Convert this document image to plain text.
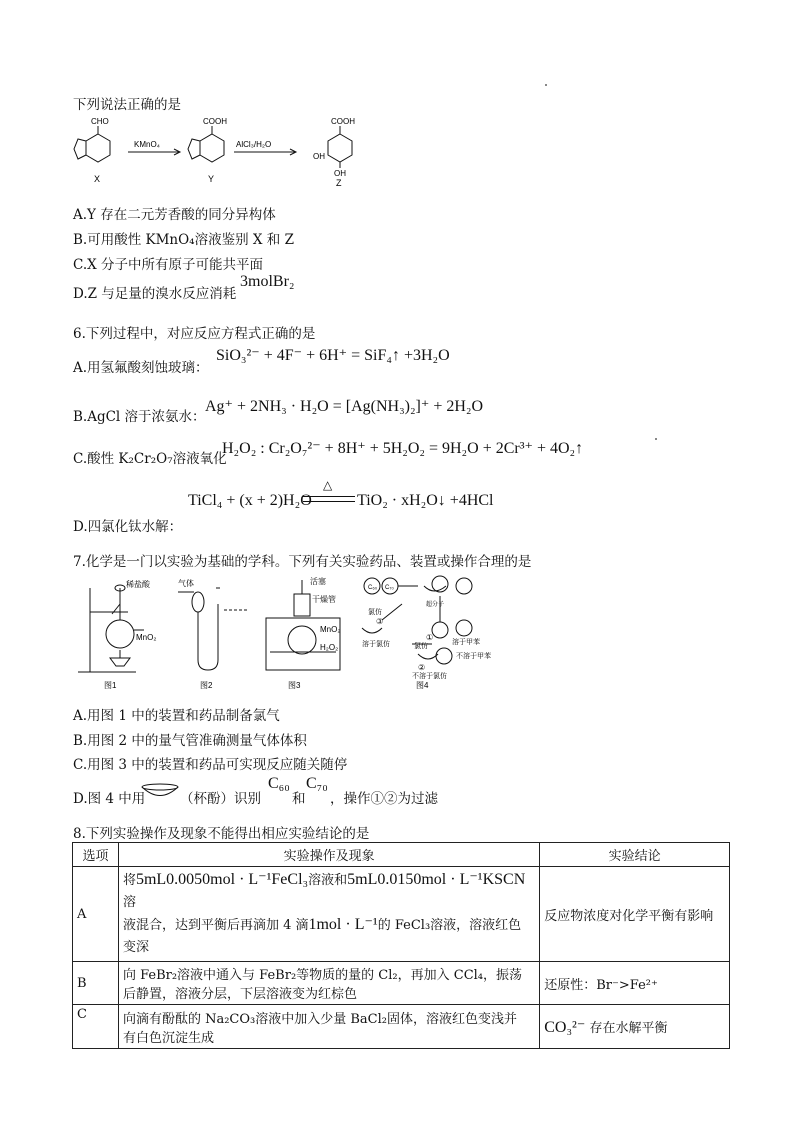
下列说法正确的是
CHO
X
KMnO₄
COOH
Y
AlCl₃/H₂O
COOH
OH
OH
Z
A.Y 存在二元芳香酸的同分异构体
B.可用酸性 KMnO₄溶液鉴别 X 和 Z
C.X 分子中所有原子可能共平面
D.Z 与足量的溴水反应消耗
3molBr₂
6.下列过程中，对应反应方程式正确的是
A.用氢氟酸刻蚀玻璃：
SiO₃²⁻ + 4F⁻ + 6H⁺ = SiF₄↑ +3H₂O
B.AgCl 溶于浓氨水：
Ag⁺ + 2NH₃ · H₂O = [Ag(NH₃)₂]⁺ + 2H₂O
C.酸性 K₂Cr₂O₇溶液氧化
H₂O₂ : Cr₂O₇²⁻ + 8H⁺ + 5H₂O₂ = 9H₂O + 2Cr³⁺ + 4O₂↑
TiCl₄ + (x + 2)H₂O
△
TiO₂ · xH₂O↓ +4HCl
D.四氯化钛水解：
7.化学是一门以实验为基础的学科。下列有关实验药品、装置或操作合理的是
稀盐酸
MnO₂
图1
气体
图2
活塞
干燥管
MnO₂
H₂O₂
图3
C₆₀ C₇₀
氯仿
超分子
③
①
氯仿
溶于甲苯
溶于氯仿
不溶于甲苯
②
不溶于氯仿
图4
A.用图 1 中的装置和药品制备氯气
B.用图 2 中的量气管准确测量气体体积
C.用图 3 中的装置和药品可实现反应随关随停
D.图 4 中用	（杯酚）识别
C₆₀
和
C₇₀
，操作①②为过滤
8.下列实验操作及现象不能得出相应实验结论的是
选项	实验操作及现象	实验结论
A	将5mL0.0050mol · L⁻¹FeCl₃溶液和5mL0.0150mol · L⁻¹KSCN溶
液混合，达到平衡后再滴加 4 滴1mol · L⁻¹的 FeCl₃溶液，溶液红色
变深	反应物浓度对化学平衡有影响
B	向 FeBr₂溶液中通入与 FeBr₂等物质的量的 Cl₂，再加入 CCl₄，振荡
后静置，溶液分层，下层溶液变为红棕色	还原性：Br⁻>Fe²⁺
C	向滴有酚酞的 Na₂CO₃溶液中加入少量 BaCl₂固体，溶液红色变浅并
有白色沉淀生成	CO₃²⁻ 存在水解平衡
